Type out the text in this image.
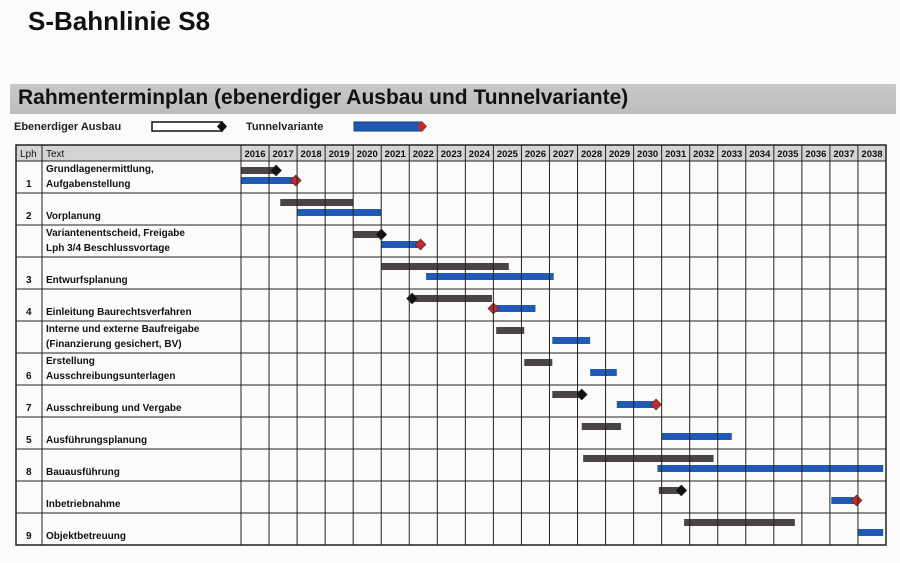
S-Bahnlinie S8
Rahmenterminplan (ebenerdiger Ausbau und Tunnelvariante)
Ebenerdiger Ausbau	Tunnelvariante
Lph Text	2016 2017 2018 2019 2020 2021 2022 2023 2024 2025 2026 2027 2028 2029 2030 2031 2032 2033 2034 2035 2036 2037 2038
1
Grundlagenermittlung,
Aufgabenstellung
2 Vorplanung
Variantenentscheid, Freigabe
Lph 3/4 Beschlussvortage
3 Entwurfsplanung
4 Einleitung Baurechtsverfahren
Interne und externe Baufreigabe
(Finanzierung gesichert, BV)
6
Erstellung
Ausschreibungsunterlagen
7 Ausschreibung und Vergabe
5 Ausführungsplanung
8 Bauausführung
Inbetriebnahme
9 Objektbetreuung
